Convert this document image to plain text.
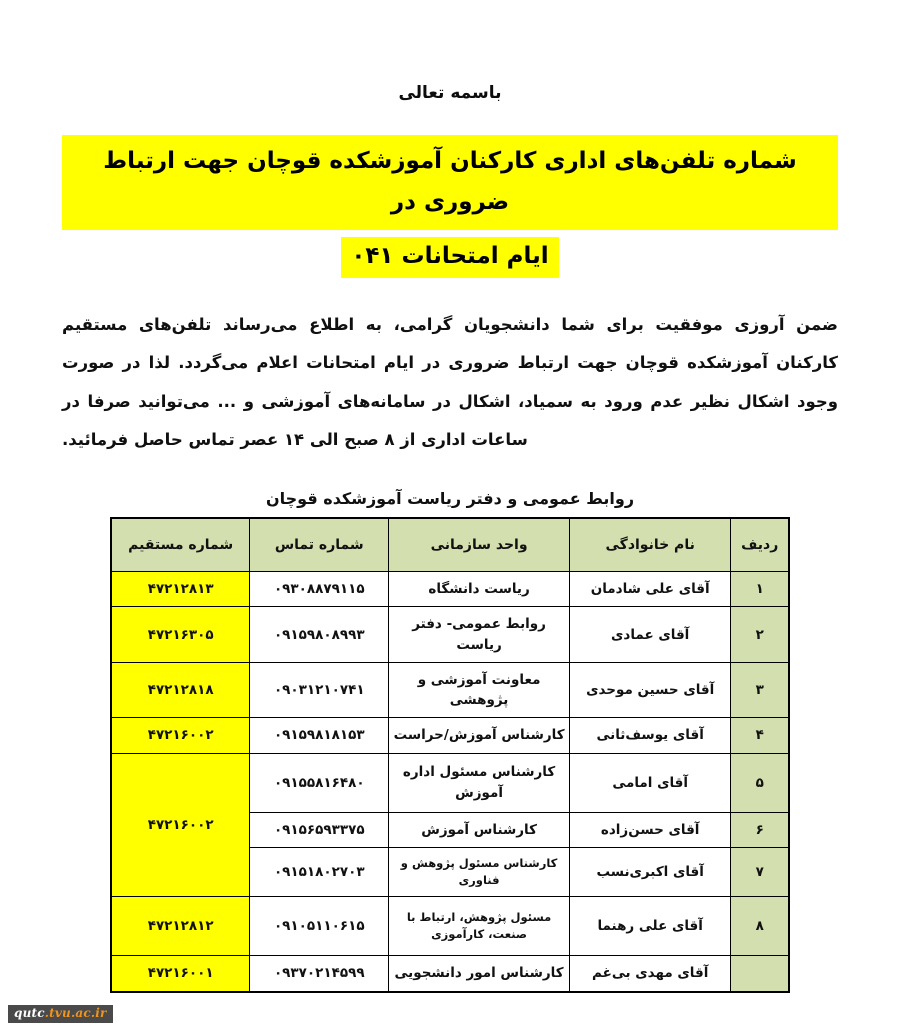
باسمه تعالی
شماره تلفن‌های اداری کارکنان آموزشکده قوچان جهت ارتباط ضروری در
ایام امتحانات ۰۴۱

ضمن آروزی موفقیت برای شما دانشجویان گرامی، به اطلاع می‌رساند تلفن‌های مستقیم کارکنان آموزشکده قوچان جهت ارتباط ضروری در ایام امتحانات اعلام می‌گردد. لذا در صورت وجود اشکال نظیر عدم ورود به سمیاد، اشکال در سامانه‌های آموزشی و ... می‌توانید صرفا در ساعات اداری از ۸ صبح الی ۱۴ عصر تماس حاصل فرمائید.

روابط عمومی و دفتر ریاست آموزشکده قوچان
ردیف	نام خانوادگی	واحد سازمانی	شماره تماس	شماره مستقیم
۱	آقای علی شادمان	ریاست دانشگاه	۰۹۳۰۸۸۷۹۱۱۵	۴۷۲۱۲۸۱۳
۲	آقای عمادی	روابط عمومی- دفتر ریاست	۰۹۱۵۹۸۰۸۹۹۳	۴۷۲۱۶۳۰۵
۳	آقای حسین موحدی	معاونت آموزشی و پژوهشی	۰۹۰۳۱۲۱۰۷۴۱	۴۷۲۱۲۸۱۸
۴	آقای یوسف‌ثانی	کارشناس آموزش/حراست	۰۹۱۵۹۸۱۸۱۵۳	۴۷۲۱۶۰۰۲
۵	آقای امامی	کارشناس مسئول اداره آموزش	۰۹۱۵۵۸۱۶۴۸۰	۴۷۲۱۶۰۰۲
۶	آقای حسن‌زاده	کارشناس آموزش	۰۹۱۵۶۵۹۳۳۷۵	
۷	آقای اکبری‌نسب	کارشناس مسئول پژوهش و فناوری	۰۹۱۵۱۸۰۲۷۰۳	
۸	آقای علی رهنما	مسئول پژوهش، ارتباط با صنعت، کارآموزی	۰۹۱۰۵۱۱۰۶۱۵	۴۷۲۱۲۸۱۲
	آقای مهدی بی‌غم	کارشناس امور دانشجویی	۰۹۳۷۰۲۱۴۵۹۹	۴۷۲۱۶۰۰۱
qutc.tvu.ac.ir
